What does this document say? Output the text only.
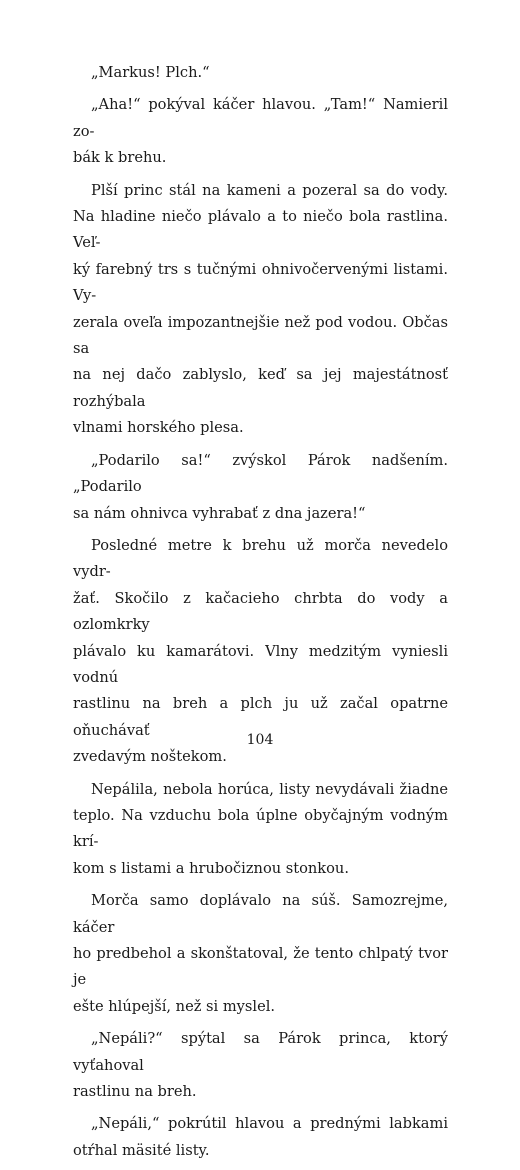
„Markus! Plch.“

„Aha!“ pokýval káčer hlavou. „Tam!“ Namieril zo-
bák k brehu.

Plší princ stál na kameni a pozeral sa do vody.
Na hladine niečo plávalo a to niečo bola rastlina. Veľ-
ký farebný trs s tučnými ohnivočervenými listami. Vy-
zerala oveľa impozantnejšie než pod vodou. Občas sa
na nej dačo zablyslo, keď sa jej majestátnosť rozhýbala
vlnami horského plesa.

„Podarilo sa!“ zvýskol Párok nadšením. „Podarilo
sa nám ohnivca vyhrabať z dna jazera!“

Posledné metre k brehu už morča nevedelo vydr-
žať. Skočilo z kačacieho chrbta do vody a ozlomkrky
plávalo ku kamarátovi. Vlny medzitým vyniesli vodnú
rastlinu na breh a plch ju už začal opatrne oňuchávať
zvedavým noštekom.

Nepálila, nebola horúca, listy nevydávali žiadne
teplo. Na vzduchu bola úplne obyčajným vodným krí-
kom s listami a hrubočiznou stonkou.

Morča samo doplávalo na súš. Samozrejme, káčer
ho predbehol a skonštatoval, že tento chlpatý tvor je
ešte hlúpejší, než si myslel.

„Nepáli?“ spýtal sa Párok princa, ktorý vyťahoval
rastlinu na breh.

„Nepáli,“ pokrútil hlavou a prednými labkami
otŕhal mäsité listy.

104
